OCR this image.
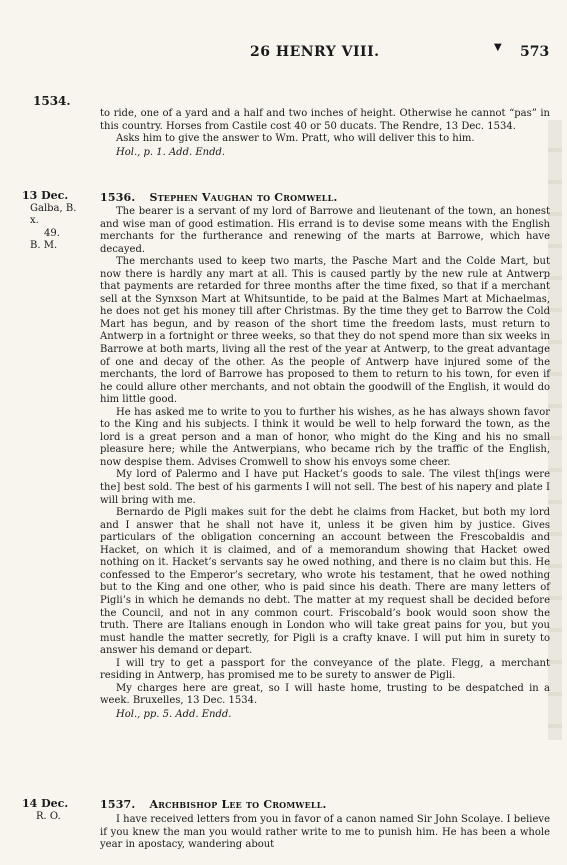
▼
26 HENRY VIII.	573
1534.

to ride, one of a yard and a half and two inches of height. Otherwise he cannot “pas” in this country. Horses from Castile cost 40 or 50 ducats. The Rendre, 13 Dec. 1534.

Asks him to give the answer to Wm. Pratt, who will deliver this to him.

Hol., p. 1. Add. Endd.

13 Dec.
Galba, B. x.
49.
B. M.
1536. Stephen Vaughan to Cromwell.

The bearer is a servant of my lord of Barrowe and lieutenant of the town, an honest and wise man of good estimation. His errand is to devise some means with the English merchants for the furtherance and renewing of the marts at Barrowe, which have decayed.

The merchants used to keep two marts, the Pasche Mart and the Colde Mart, but now there is hardly any mart at all. This is caused partly by the new rule at Antwerp that payments are retarded for three months after the time fixed, so that if a merchant sell at the Synxson Mart at Whitsuntide, to be paid at the Balmes Mart at Michaelmas, he does not get his money till after Christmas. By the time they get to Barrow the Cold Mart has begun, and by reason of the short time the freedom lasts, must return to Antwerp in a fortnight or three weeks, so that they do not spend more than six weeks in Barrowe at both marts, living all the rest of the year at Antwerp, to the great advantage of one and decay of the other. As the people of Antwerp have injured some of the merchants, the lord of Barrowe has proposed to them to return to his town, for even if he could allure other merchants, and not obtain the goodwill of the English, it would do him little good.

He has asked me to write to you to further his wishes, as he has always shown favor to the King and his subjects. I think it would be well to help forward the town, as the lord is a great person and a man of honor, who might do the King and his no small pleasure here; while the Antwerpians, who became rich by the traffic of the English, now despise them. Advises Cromwell to show his envoys some cheer.

My lord of Palermo and I have put Hacket’s goods to sale. The vilest th[ings were the] best sold. The best of his garments I will not sell. The best of his napery and plate I will bring with me.

Bernardo de Pigli makes suit for the debt he claims from Hacket, but both my lord and I answer that he shall not have it, unless it be given him by justice. Gives particulars of the obligation concerning an account between the Frescobaldis and Hacket, on which it is claimed, and of a memorandum showing that Hacket owed nothing on it. Hacket’s servants say he owed nothing, and there is no claim but this. He confessed to the Emperor’s secretary, who wrote his testament, that he owed nothing but to the King and one other, who is paid since his death. There are many letters of Pigli’s in which he demands no debt. The matter at my request shall be decided before the Council, and not in any common court. Friscobald’s book would soon show the truth. There are Italians enough in London who will take great pains for you, but you must handle the matter secretly, for Pigli is a crafty knave. I will put him in surety to answer his demand or depart.

I will try to get a passport for the conveyance of the plate. Flegg, a merchant residing in Antwerp, has promised me to be surety to answer de Pigli.

My charges here are great, so I will haste home, trusting to be despatched in a week. Bruxelles, 13 Dec. 1534.

Hol., pp. 5. Add. Endd.

14 Dec.
R. O.
1537. Archbishop Lee to Cromwell.

I have received letters from you in favor of a canon named Sir John Scolaye. I believe if you knew the man you would rather write to me to punish him. He has been a whole year in apostacy, wandering about
